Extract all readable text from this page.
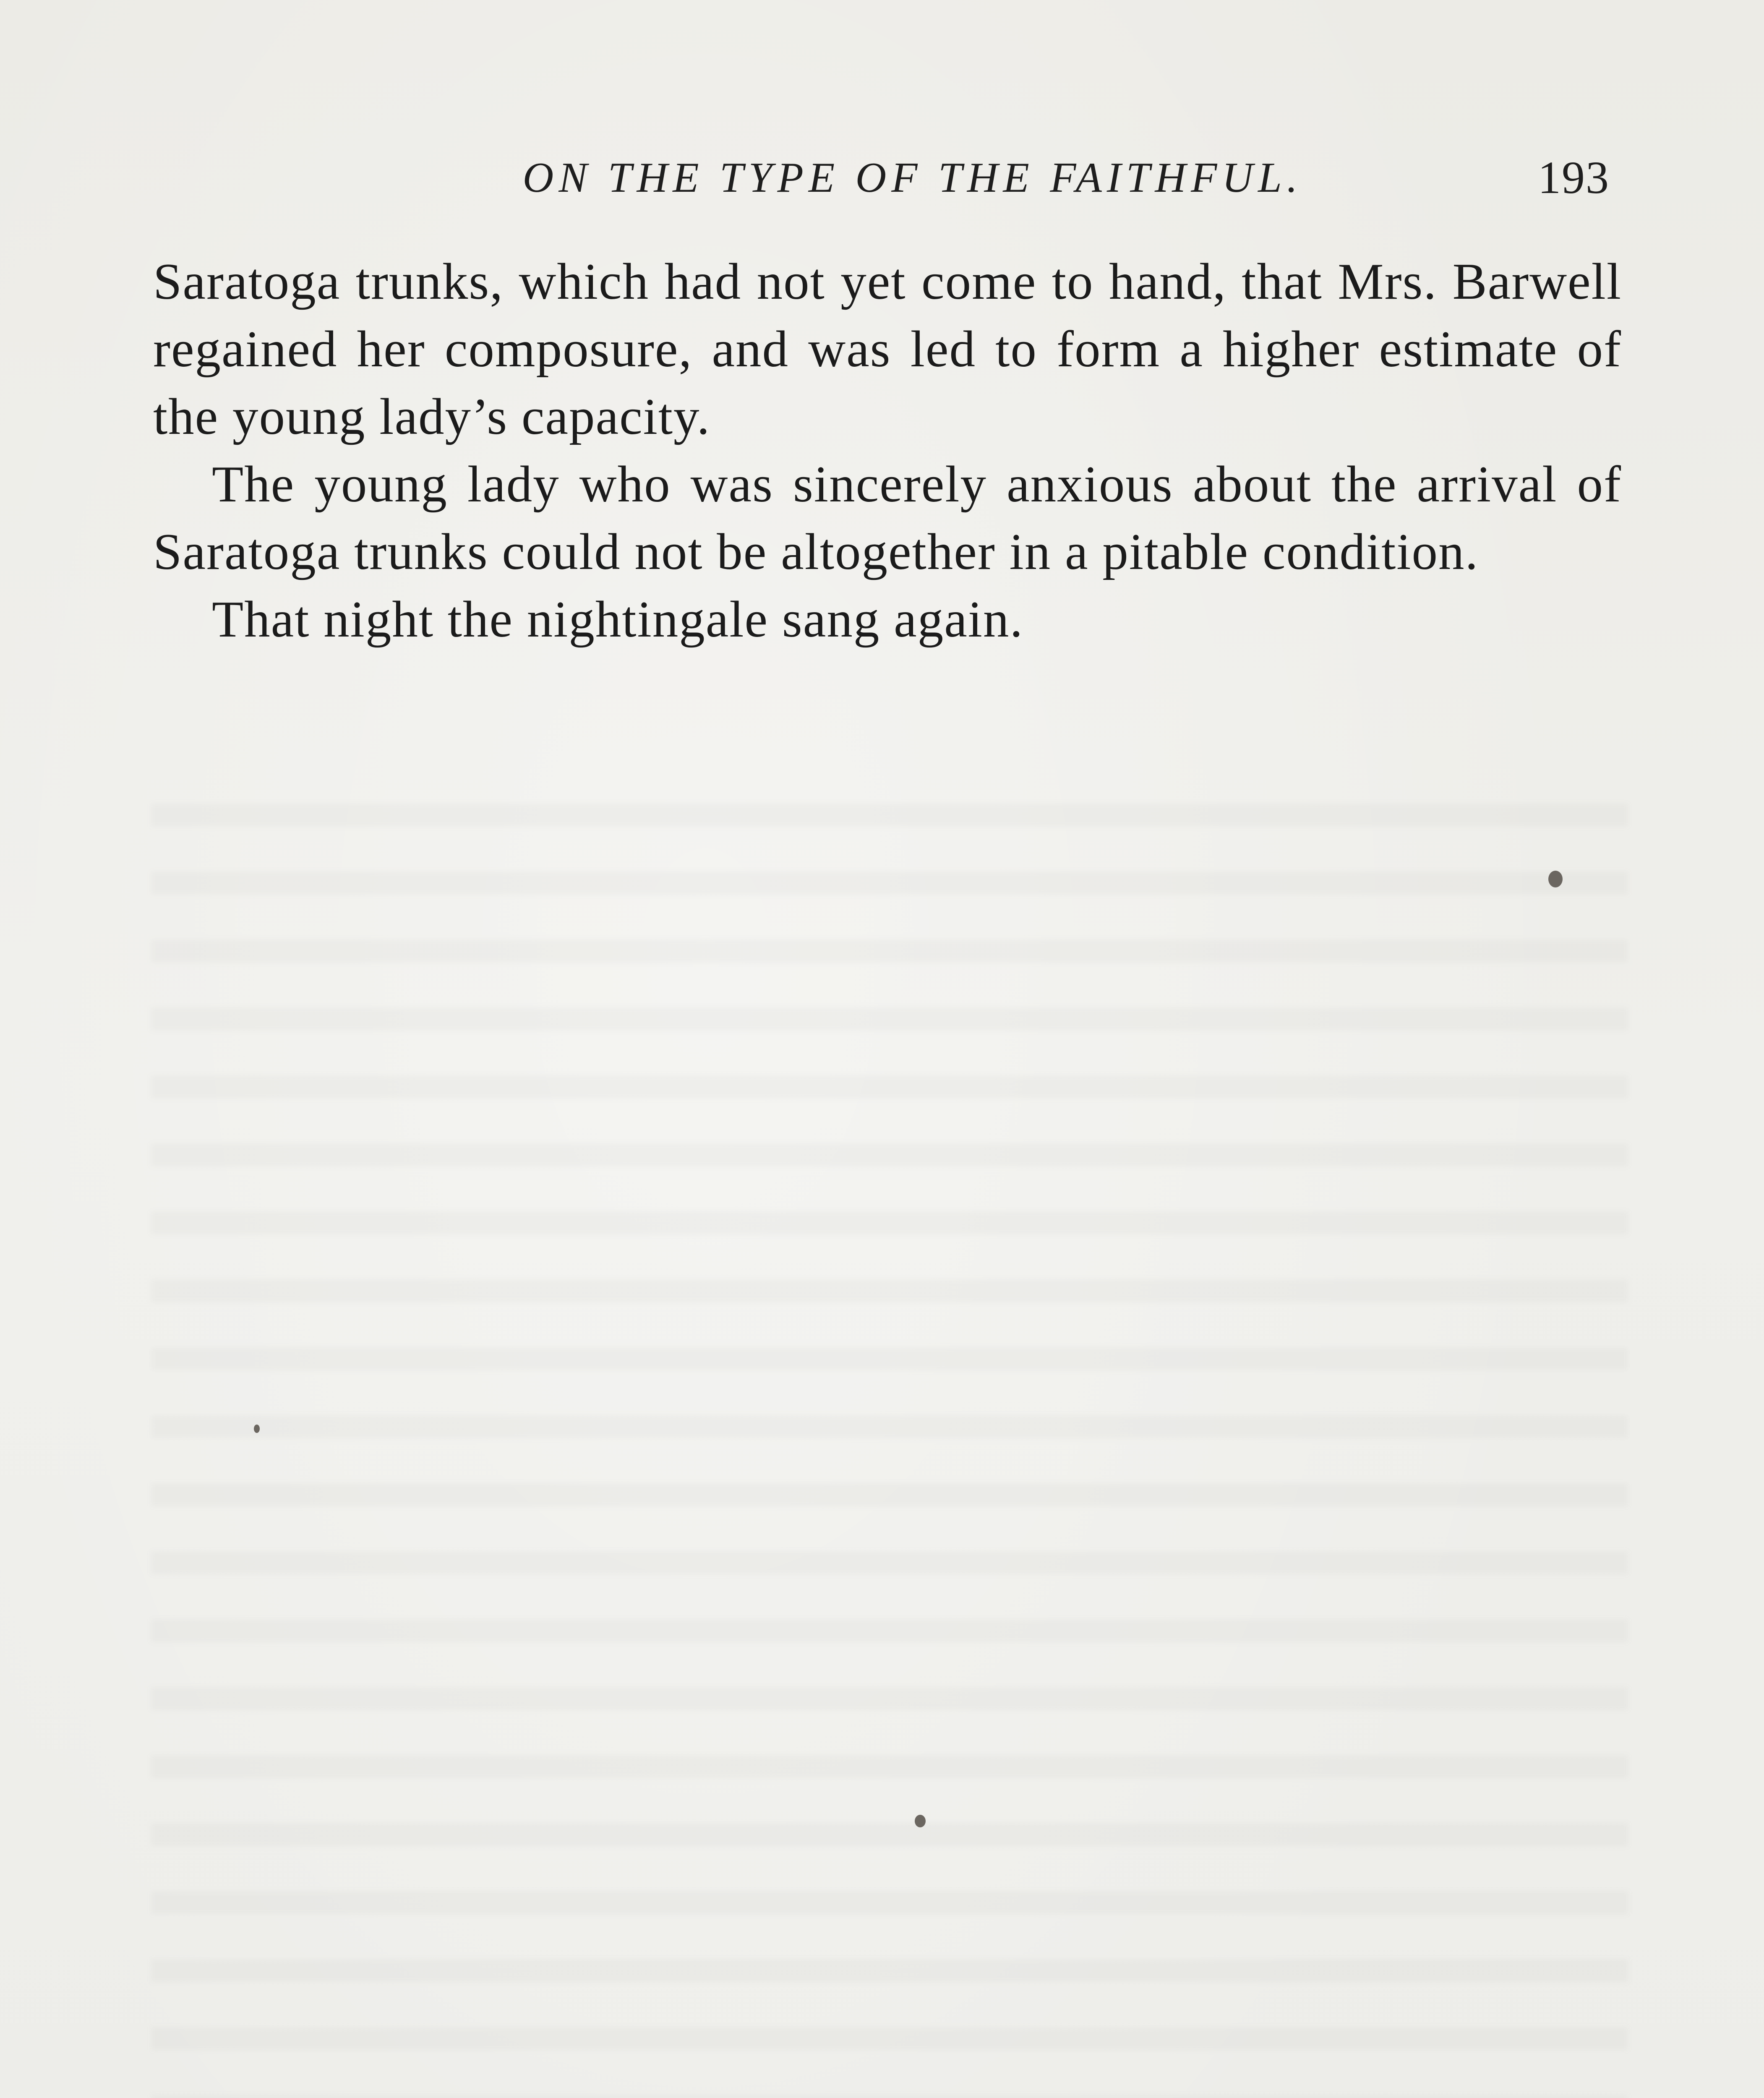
ON THE TYPE OF THE FAITHFUL.	193

Saratoga trunks, which had not yet come to hand, that Mrs. Barwell regained her composure, and was led to form a higher estimate of the young lady’s capacity.

The young lady who was sincerely anxious about the arrival of Saratoga trunks could not be altogether in a pitable condition.

That night the nightingale sang again.
